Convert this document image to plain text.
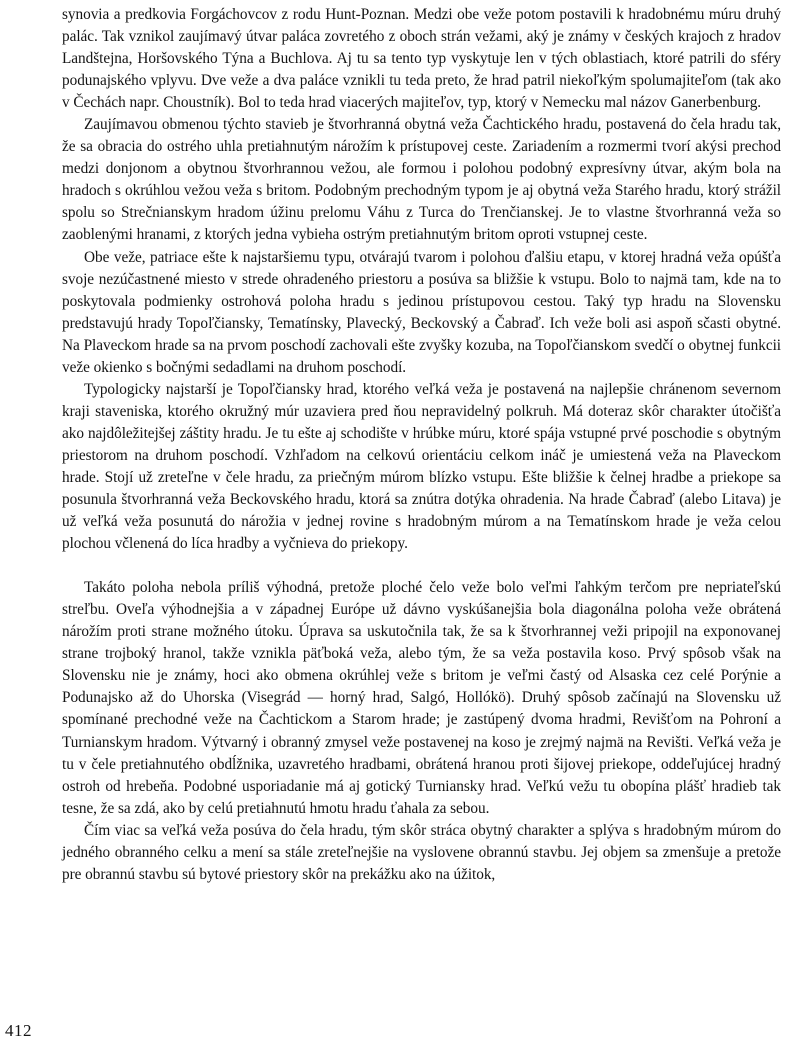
synovia a predkovia Forgáchovcov z rodu Hunt-Poznan. Medzi obe veže potom postavili k hradobnému múru druhý palác. Tak vznikol zaujímavý útvar paláca zovretého z oboch strán vežami, aký je známy v českých krajoch z hradov Landštejna, Horšovského Týna a Buchlova. Aj tu sa tento typ vyskytuje len v tých oblastiach, ktoré patrili do sféry podunajského vplyvu. Dve veže a dva paláce vznikli tu teda preto, že hrad patril niekoľkým spolumajiteľom (tak ako v Čechách napr. Choustník). Bol to teda hrad viacerých majiteľov, typ, ktorý v Nemecku mal názov Ganerbenburg.

Zaujímavou obmenou týchto stavieb je štvorhranná obytná veža Čachtického hradu, postavená do čela hradu tak, že sa obracia do ostrého uhla pretiahnutým nárožím k prístupovej ceste. Zariadením a rozmermi tvorí akýsi prechod medzi donjonom a obytnou štvorhrannou vežou, ale formou i polohou podobný expresívny útvar, akým bola na hradoch s okrúhlou vežou veža s britom. Podobným prechodným typom je aj obytná veža Starého hradu, ktorý strážil spolu so Strečnianskym hradom úžinu prelomu Váhu z Turca do Trenčianskej. Je to vlastne štvorhranná veža so zaoblenými hranami, z ktorých jedna vybieha ostrým pretiahnutým britom oproti vstupnej ceste.

Obe veže, patriace ešte k najstaršiemu typu, otvárajú tvarom i polohou ďalšiu etapu, v ktorej hradná veža opúšťa svoje nezúčastnené miesto v strede ohradeného priestoru a posúva sa bližšie k vstupu. Bolo to najmä tam, kde na to poskytovala podmienky ostrohová poloha hradu s jedinou prístupovou cestou. Taký typ hradu na Slovensku predstavujú hrady Topoľčiansky, Tematínsky, Plavecký, Beckovský a Čabraď. Ich veže boli asi aspoň sčasti obytné. Na Plaveckom hrade sa na prvom poschodí zachovali ešte zvyšky kozuba, na Topoľčianskom svedčí o obytnej funkcii veže okienko s bočnými sedadlami na druhom poschodí.

Typologicky najstarší je Topoľčiansky hrad, ktorého veľká veža je postavená na najlepšie chránenom severnom kraji staveniska, ktorého okružný múr uzaviera pred ňou nepravidelný polkruh. Má doteraz skôr charakter útočišťa ako najdôležitejšej záštity hradu. Je tu ešte aj schodište v hrúbke múru, ktoré spája vstupné prvé poschodie s obytným priestorom na druhom poschodí. Vzhľadom na celkovú orientáciu celkom ináč je umiestená veža na Plaveckom hrade. Stojí už zreteľne v čele hradu, za priečným múrom blízko vstupu. Ešte bližšie k čelnej hradbe a priekope sa posunula štvorhranná veža Beckovského hradu, ktorá sa znútra dotýka ohradenia. Na hrade Čabraď (alebo Litava) je už veľká veža posunutá do nárožia v jednej rovine s hradobným múrom a na Tematínskom hrade je veža celou plochou včlenená do líca hradby a vyčnieva do priekopy.

Takáto poloha nebola príliš výhodná, pretože ploché čelo veže bolo veľmi ľahkým terčom pre nepriateľskú streľbu. Oveľa výhodnejšia a v západnej Európe už dávno vyskúšanejšia bola diagonálna poloha veže obrátená nárožím proti strane možného útoku. Úprava sa uskutočnila tak, že sa k štvorhrannej veži pripojil na exponovanej strane trojboký hranol, takže vznikla päťboká veža, alebo tým, že sa veža postavila koso. Prvý spôsob však na Slovensku nie je známy, hoci ako obmena okrúhlej veže s britom je veľmi častý od Alsaska cez celé Porýnie a Podunajsko až do Uhorska (Visegrád — horný hrad, Salgó, Hollókö). Druhý spôsob začínajú na Slovensku už spomínané prechodné veže na Čachtickom a Starom hrade; je zastúpený dvoma hradmi, Revišťom na Pohroní a Turnianskym hradom. Výtvarný i obranný zmysel veže postavenej na koso je zrejmý najmä na Revišti. Veľká veža je tu v čele pretiahnutého obdĺžnika, uzavretého hradbami, obrátená hranou proti šijovej priekope, oddeľujúcej hradný ostroh od hrebeňa. Podobné usporiadanie má aj gotický Turniansky hrad. Veľkú vežu tu obopína plášť hradieb tak tesne, že sa zdá, ako by celú pretiahnutú hmotu hradu ťahala za sebou.

Čím viac sa veľká veža posúva do čela hradu, tým skôr stráca obytný charakter a splýva s hradobným múrom do jedného obranného celku a mení sa stále zreteľnejšie na vyslovene obrannú stavbu. Jej objem sa zmenšuje a pretože pre obrannú stavbu sú bytové priestory skôr na prekážku ako na úžitok,

412
